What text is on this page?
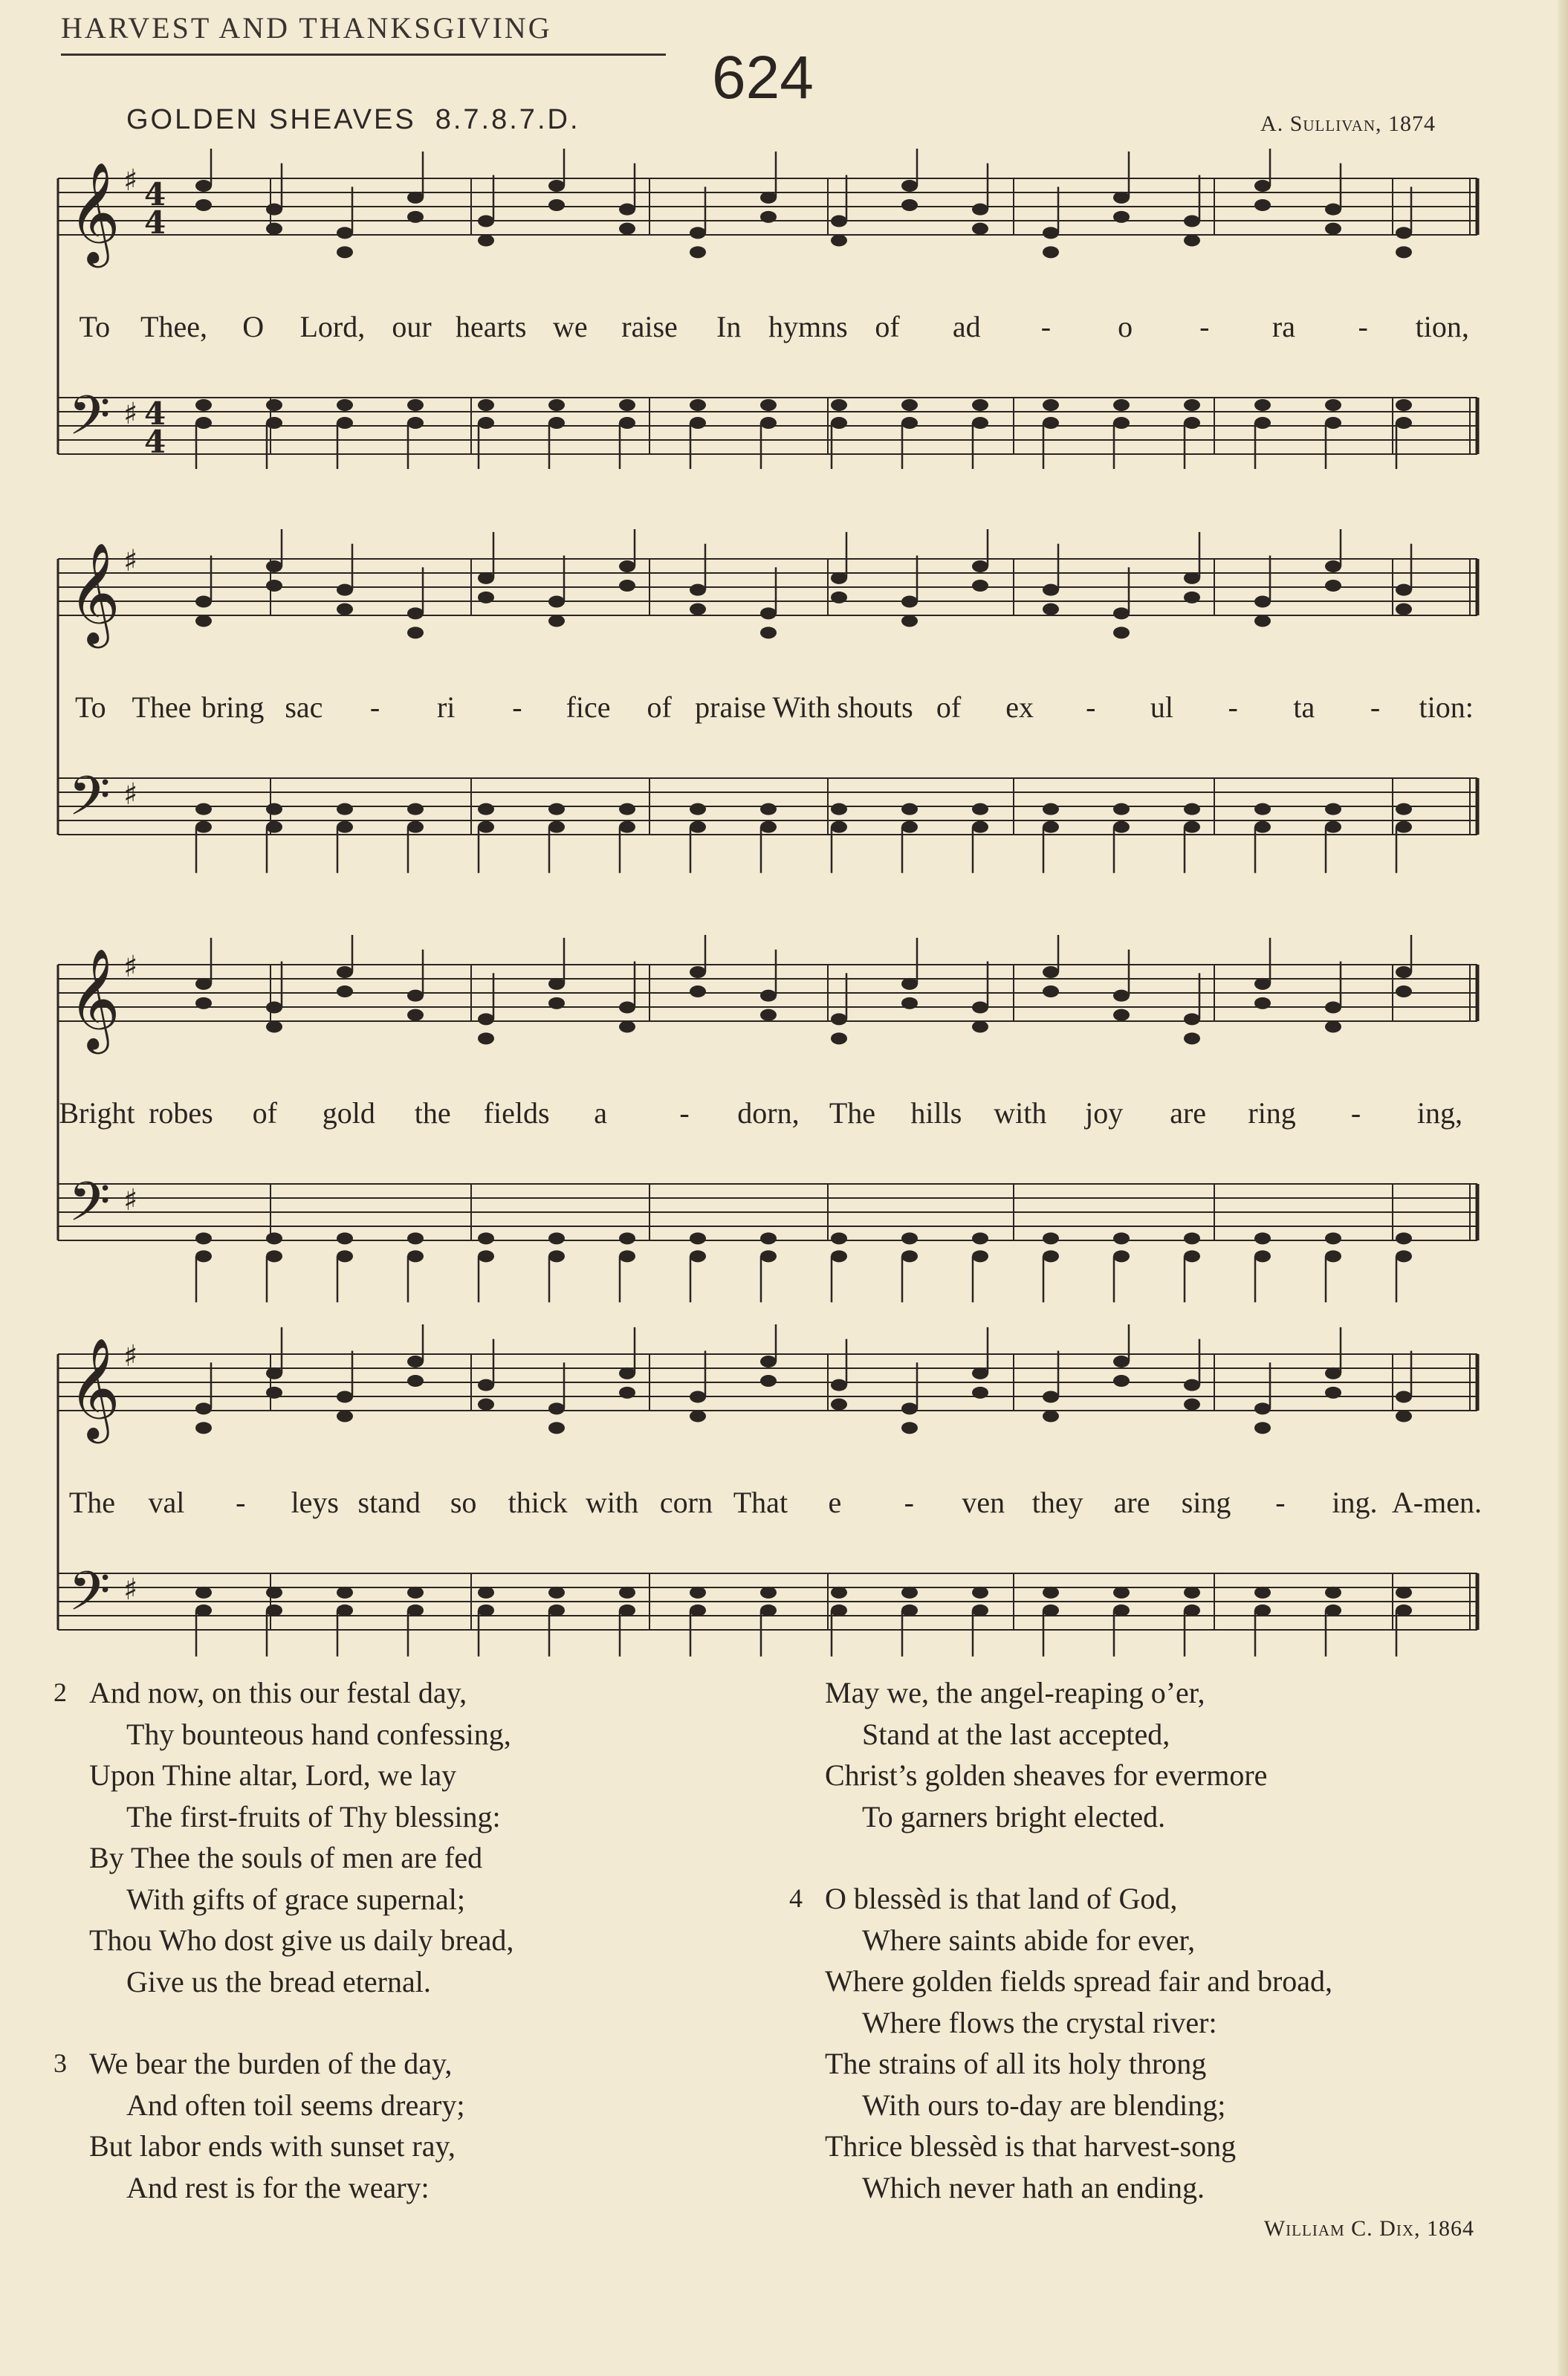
HARVEST AND THANKSGIVING
624
GOLDEN SHEAVES 8.7.8.7.D.	A. Sullivan, 1874
𝄞
𝄢
♯
♯
4
4
4
4
To	Thee,	O	Lord, our hearts we	raise	In hymns of	ad	-	o	-	ra	-	tion,
𝄞
𝄢
♯
♯
To Thee bring sac	-	ri	-	fice	of praise With shouts of	ex	-	ul	-	ta	-	tion:
𝄞
𝄢
♯
♯
Bright robes	of	gold	the	fields	a	-	dorn,	The	hills	with	joy	are	ring	-	ing,
𝄞
𝄢
♯
♯
The	val	-	leys stand so	thick with corn That	e	-	ven they	are	sing	-	ing. A-men.
2 And now, on this our festal day,
Thy bounteous hand confessing,
Upon Thine altar, Lord, we lay
The first-fruits of Thy blessing:
By Thee the souls of men are fed
With gifts of grace supernal;
Thou Who dost give us daily bread,
Give us the bread eternal.
3 We bear the burden of the day,
And often toil seems dreary;
But labor ends with sunset ray,
And rest is for the weary:
May we, the angel-reaping o’er,
Stand at the last accepted,
Christ’s golden sheaves for evermore
To garners bright elected.
4 O blessèd is that land of God,
Where saints abide for ever,
Where golden fields spread fair and broad,
Where flows the crystal river:
The strains of all its holy throng
With ours to-day are blending;
Thrice blessèd is that harvest-song
Which never hath an ending.
William C. Dix, 1864
